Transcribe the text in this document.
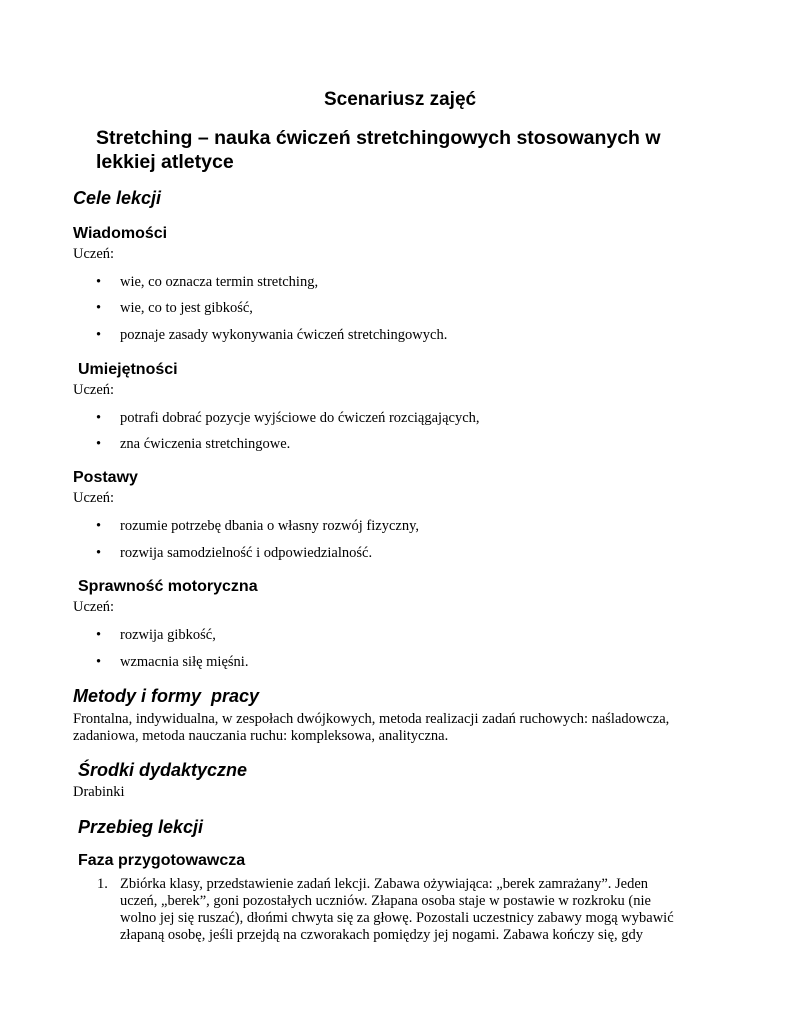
Scenariusz zajęć
Stretching – nauka ćwiczeń stretchingowych stosowanych w
lekkiej atletyce
Cele lekcji
Wiadomości
Uczeń:
• wie, co oznacza termin stretching,
• wie, co to jest gibkość,
• poznaje zasady wykonywania ćwiczeń stretchingowych.
Umiejętności
Uczeń:
• potrafi dobrać pozycje wyjściowe do ćwiczeń rozciągających,
• zna ćwiczenia stretchingowe.
Postawy
Uczeń:
• rozumie potrzebę dbania o własny rozwój fizyczny,
• rozwija samodzielność i odpowiedzialność.
Sprawność motoryczna
Uczeń:
• rozwija gibkość,
• wzmacnia siłę mięśni.
Metody i formy  pracy
Frontalna, indywidualna, w zespołach dwójkowych, metoda realizacji zadań ruchowych: naśladowcza,
zadaniowa, metoda nauczania ruchu: kompleksowa, analityczna.
Środki dydaktyczne
Drabinki
Przebieg lekcji
Faza przygotowawcza
1. Zbiórka klasy, przedstawienie zadań lekcji. Zabawa ożywiająca: „berek zamrażany”. Jeden
uczeń, „berek”, goni pozostałych uczniów. Złapana osoba staje w postawie w rozkroku (nie
wolno jej się ruszać), dłońmi chwyta się za głowę. Pozostali uczestnicy zabawy mogą wybawić
złapaną osobę, jeśli przejdą na czworakach pomiędzy jej nogami. Zabawa kończy się, gdy
